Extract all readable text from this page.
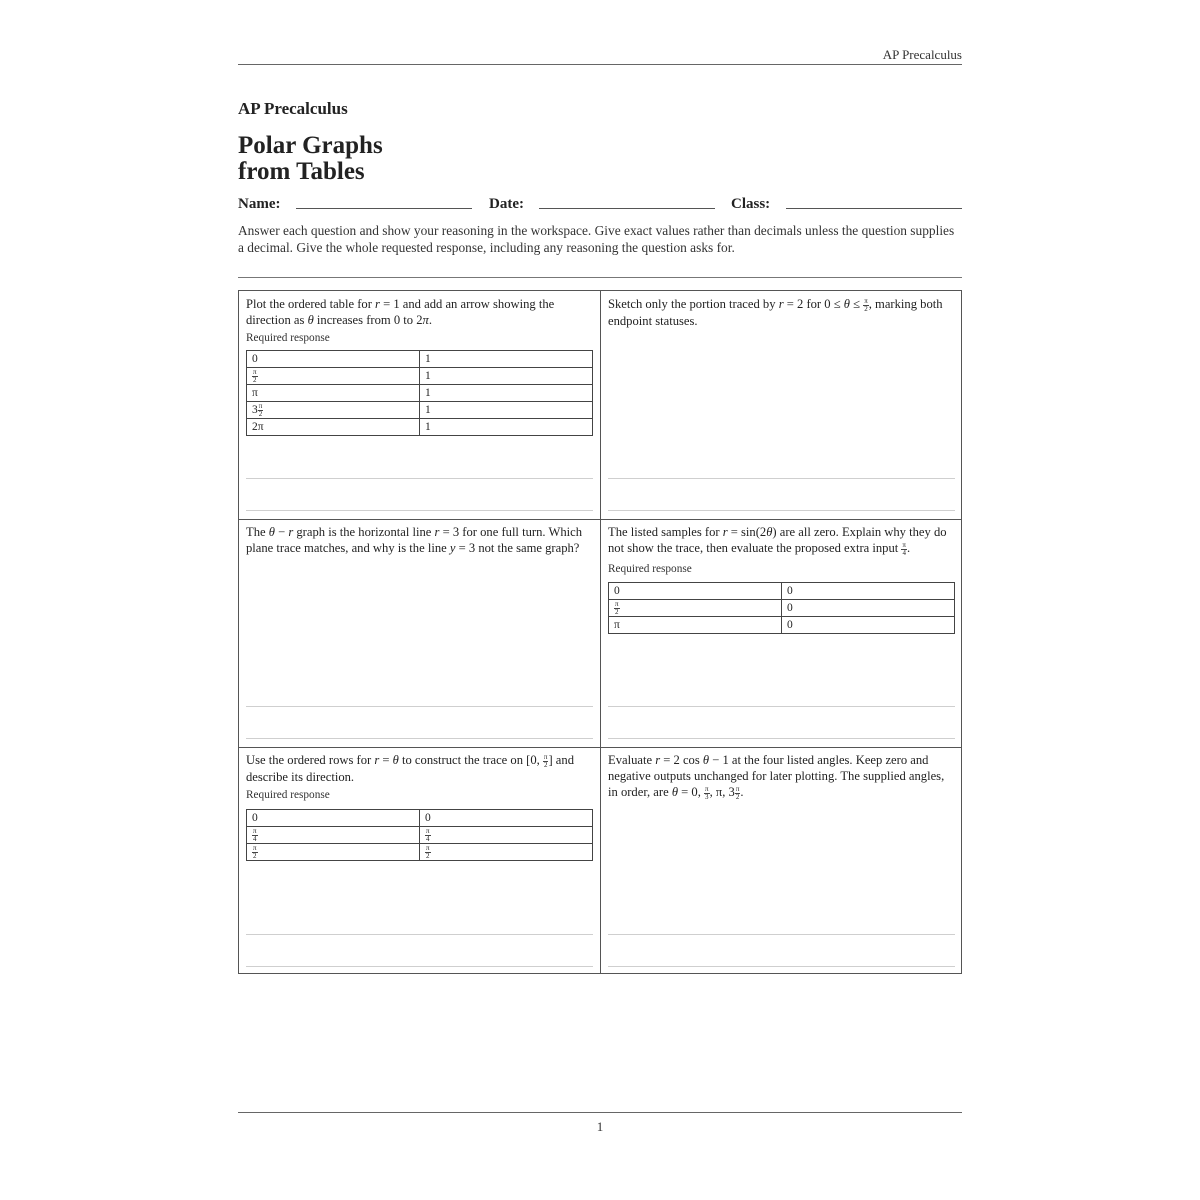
AP Precalculus
AP Precalculus
Polar Graphs
from Tables
Name:	Date:	Class:
Answer each question and show your reasoning in the workspace. Give exact values rather than decimals unless the question supplies a decimal. Give the whole requested response, including any reasoning the question asks for.
Plot the ordered table for r = 1 and add an arrow showing the direction as θ increases from 0 to 2π.
Required response
0	1

$\frac{\pi}{2}$	1
π	1
$3 \frac{\pi}{2}$	1
2π	1
Sketch only the portion traced by r = 2 for $0 \le \theta \le \frac{\pi}{2}$ , marking both endpoint statuses.
The θ − r graph is the horizontal line r = 3 for one full turn. Which plane trace matches, and why is the line y = 3 not the same graph?
The listed samples for r = sin(2θ) are all zero. Explain why they do not show the trace, then evaluate the proposed extra input $\frac{\pi}{4}$ .
Required response
0	0

$\frac{\pi}{2}$	0
π	0
Use the ordered rows for r = θ to construct the trace on [0, $\frac{\pi}{2}$ ] and describe its direction.
Required response
0	0

$\frac{\pi}{4}$	$\frac{\pi}{4}$

$\frac{\pi}{2}$	$\frac{\pi}{2}$
Evaluate r = 2 cos θ − 1 at the four listed angles. Keep zero and negative outputs unchanged for later plotting. The supplied angles, in order, are θ = 0, $\frac{\pi}{3}$ , π, $3 \frac{\pi}{2}$ .
1
